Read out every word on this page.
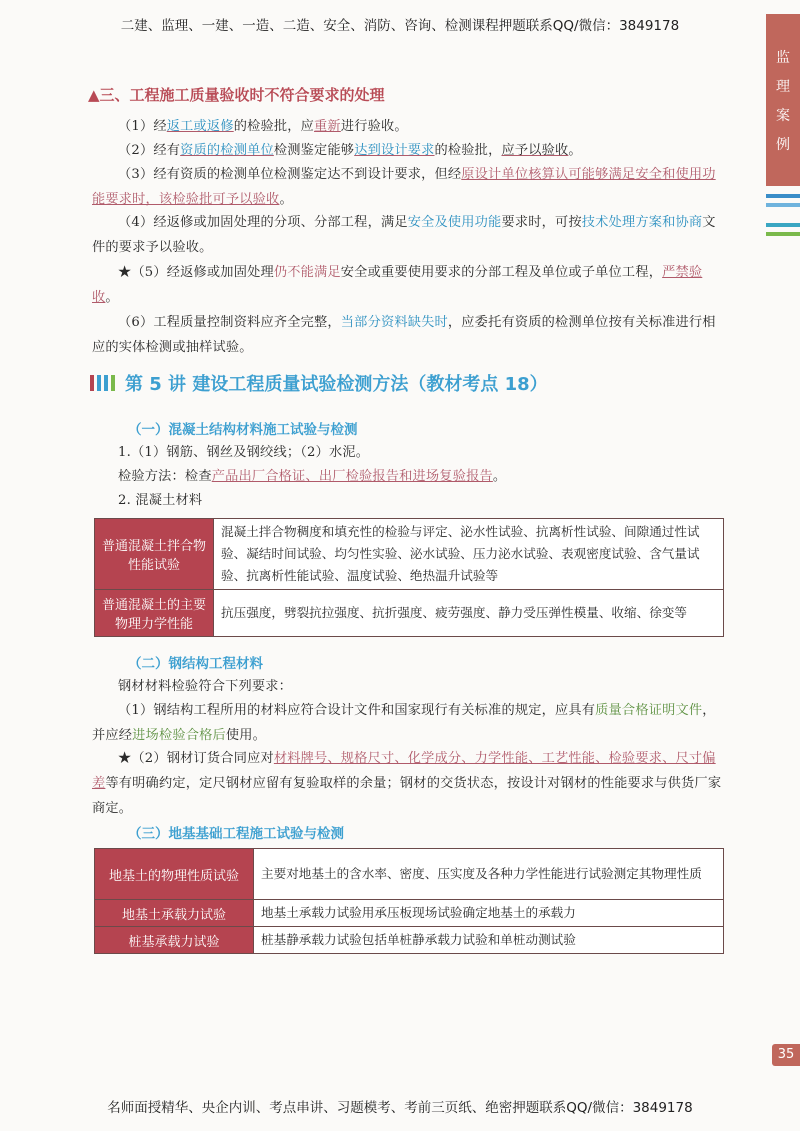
二建、监理、一建、一造、二造、安全、消防、咨询、检测课程押题联系QQ/微信：3849178
监
理
案
例
▲三、工程施工质量验收时不符合要求的处理
（1）经返工或返修的检验批，应重新进行验收。
（2）经有资质的检测单位检测鉴定能够达到设计要求的检验批，应予以验收。
（3）经有资质的检测单位检测鉴定达不到设计要求，但经原设计单位核算认可能够满足安全和使用功能要求时，该检验批可予以验收。
（4）经返修或加固处理的分项、分部工程，满足安全及使用功能要求时，可按技术处理方案和协商文件的要求予以验收。
★（5）经返修或加固处理仍不能满足安全或重要使用要求的分部工程及单位或子单位工程，严禁验收。
（6）工程质量控制资料应齐全完整，当部分资料缺失时，应委托有资质的检测单位按有关标准进行相应的实体检测或抽样试验。
第 5 讲 建设工程质量试验检测方法（教材考点 18）
（一）混凝土结构材料施工试验与检测
1.（1）钢筋、钢丝及钢绞线；（2）水泥。
检验方法：检查产品出厂合格证、出厂检验报告和进场复验报告。
2. 混凝土材料
普通混凝土拌合物性能试验	混凝土拌合物稠度和填充性的检验与评定、泌水性试验、抗离析性试验、间隙通过性试验、凝结时间试验、均匀性实验、泌水试验、压力泌水试验、表观密度试验、含气量试验、抗离析性能试验、温度试验、绝热温升试验等
普通混凝土的主要物理力学性能	抗压强度，劈裂抗拉强度、抗折强度、疲劳强度、静力受压弹性模量、收缩、徐变等
（二）钢结构工程材料
钢材材料检验符合下列要求：
（1）钢结构工程所用的材料应符合设计文件和国家现行有关标准的规定，应具有质量合格证明文件，并应经进场检验合格后使用。
★（2）钢材订货合同应对材料牌号、规格尺寸、化学成分、力学性能、工艺性能、检验要求、尺寸偏差等有明确约定，定尺钢材应留有复验取样的余量；钢材的交货状态，按设计对钢材的性能要求与供货厂家商定。
（三）地基基础工程施工试验与检测
地基土的物理性质试验	主要对地基土的含水率、密度、压实度及各种力学性能进行试验测定其物理性质
地基土承载力试验	地基土承载力试验用承压板现场试验确定地基土的承载力
桩基承载力试验	桩基静承载力试验包括单桩静承载力试验和单桩动测试验
35
名师面授精华、央企内训、考点串讲、习题模考、考前三页纸、绝密押题联系QQ/微信：3849178
